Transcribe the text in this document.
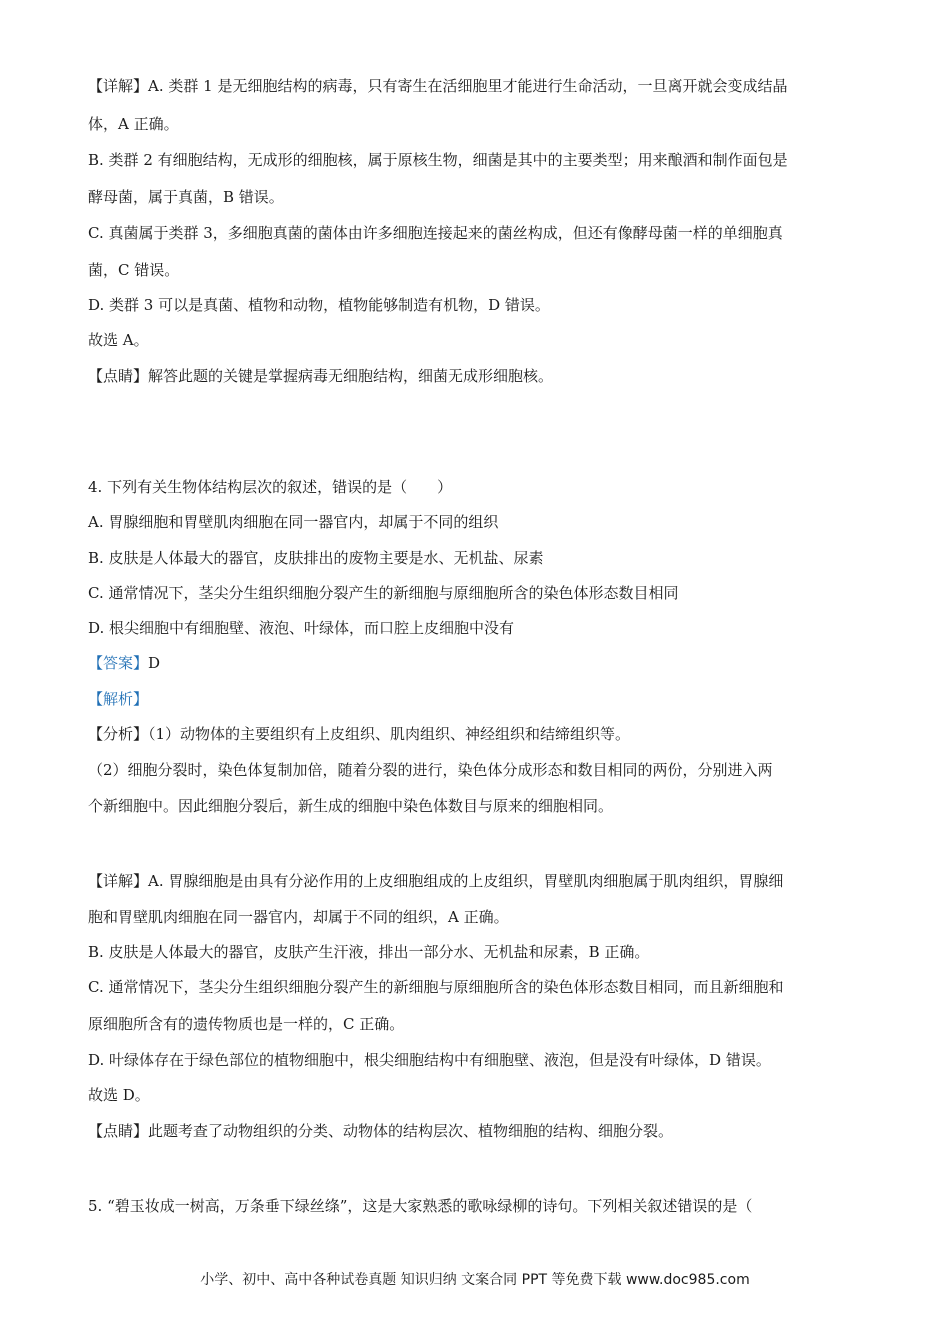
【详解】A. 类群 1 是无细胞结构的病毒，只有寄生在活细胞里才能进行生命活动，一旦离开就会变成结晶
体，A 正确。
B. 类群 2 有细胞结构，无成形的细胞核，属于原核生物，细菌是其中的主要类型；用来酿酒和制作面包是
酵母菌，属于真菌，B 错误。
C. 真菌属于类群 3，多细胞真菌的菌体由许多细胞连接起来的菌丝构成，但还有像酵母菌一样的单细胞真
菌，C 错误。
D. 类群 3 可以是真菌、植物和动物，植物能够制造有机物，D 错误。
故选 A。
【点睛】解答此题的关键是掌握病毒无细胞结构，细菌无成形细胞核。
4. 下列有关生物体结构层次的叙述，错误的是（　　）
A. 胃腺细胞和胃壁肌肉细胞在同一器官内，却属于不同的组织
B. 皮肤是人体最大的器官，皮肤排出的废物主要是水、无机盐、尿素
C. 通常情况下，茎尖分生组织细胞分裂产生的新细胞与原细胞所含的染色体形态数目相同
D. 根尖细胞中有细胞壁、液泡、叶绿体，而口腔上皮细胞中没有
【答案】D
【解析】
【分析】（1）动物体的主要组织有上皮组织、肌肉组织、神经组织和结缔组织等。
（2）细胞分裂时，染色体复制加倍，随着分裂的进行，染色体分成形态和数目相同的两份，分别进入两
个新细胞中。因此细胞分裂后，新生成的细胞中染色体数目与原来的细胞相同。
【详解】A. 胃腺细胞是由具有分泌作用的上皮细胞组成的上皮组织，胃壁肌肉细胞属于肌肉组织，胃腺细
胞和胃壁肌肉细胞在同一器官内，却属于不同的组织，A 正确。
B. 皮肤是人体最大的器官，皮肤产生汗液，排出一部分水、无机盐和尿素，B 正确。
C. 通常情况下，茎尖分生组织细胞分裂产生的新细胞与原细胞所含的染色体形态数目相同，而且新细胞和
原细胞所含有的遗传物质也是一样的，C 正确。
D. 叶绿体存在于绿色部位的植物细胞中，根尖细胞结构中有细胞壁、液泡，但是没有叶绿体，D 错误。
故选 D。
【点睛】此题考查了动物组织的分类、动物体的结构层次、植物细胞的结构、细胞分裂。
5. “碧玉妆成一树高，万条垂下绿丝绦”，这是大家熟悉的歌咏绿柳的诗句。下列相关叙述错误的是（
小学、初中、高中各种试卷真题 知识归纳 文案合同 PPT 等免费下载 www.doc985.com
